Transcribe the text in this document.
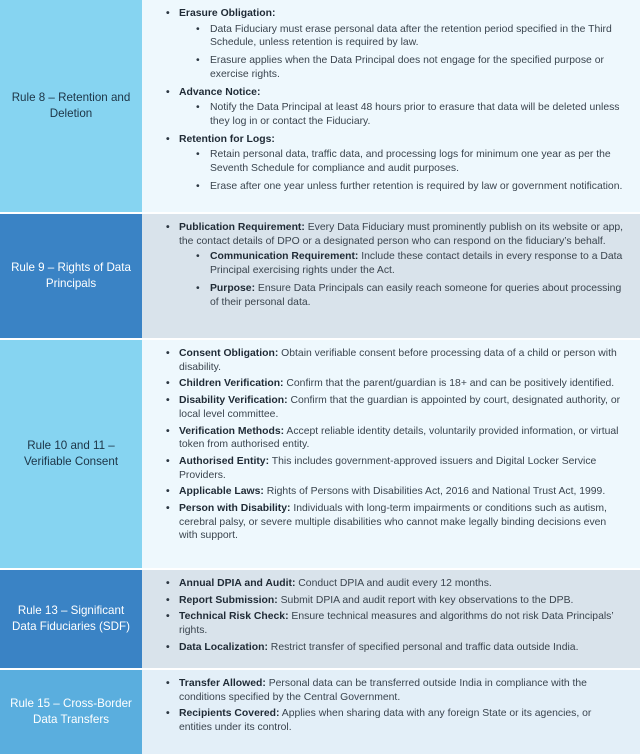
Rule 8 – Retention and Deletion
• Erasure Obligation:
• Data Fiduciary must erase personal data after the retention period specified in the Third Schedule, unless retention is required by law.
• Erasure applies when the Data Principal does not engage for the specified purpose or exercise rights.
• Advance Notice:
• Notify the Data Principal at least 48 hours prior to erasure that data will be deleted unless they log in or contact the Fiduciary.
• Retention for Logs:
• Retain personal data, traffic data, and processing logs for minimum one year as per the Seventh Schedule for compliance and audit purposes.
• Erase after one year unless further retention is required by law or government notification.
Rule 9 – Rights of Data Principals
• Publication Requirement: Every Data Fiduciary must prominently publish on its website or app, the contact details of DPO or a designated person who can respond on the fiduciary’s behalf.
• Communication Requirement: Include these contact details in every response to a Data Principal exercising rights under the Act.
• Purpose: Ensure Data Principals can easily reach someone for queries about processing of their personal data.
Rule 10 and 11 – Verifiable Consent
• Consent Obligation: Obtain verifiable consent before processing data of a child or person with disability.
• Children Verification: Confirm that the parent/guardian is 18+ and can be positively identified.
• Disability Verification: Confirm that the guardian is appointed by court, designated authority, or local level committee.
• Verification Methods: Accept reliable identity details, voluntarily provided information, or virtual token from authorised entity.
• Authorised Entity: This includes government-approved issuers and Digital Locker Service Providers.
• Applicable Laws: Rights of Persons with Disabilities Act, 2016 and National Trust Act, 1999.
• Person with Disability: Individuals with long-term impairments or conditions such as autism, cerebral palsy, or severe multiple disabilities who cannot make legally binding decisions even with support.
Rule 13 – Significant Data Fiduciaries (SDF)
• Annual DPIA and Audit: Conduct DPIA and audit every 12 months.
• Report Submission: Submit DPIA and audit report with key observations to the DPB.
• Technical Risk Check: Ensure technical measures and algorithms do not risk Data Principals’ rights.
• Data Localization: Restrict transfer of specified personal and traffic data outside India.
Rule 15 – Cross-Border Data Transfers
• Transfer Allowed: Personal data can be transferred outside India in compliance with the conditions specified by the Central Government.
• Recipients Covered: Applies when sharing data with any foreign State or its agencies, or entities under its control.
